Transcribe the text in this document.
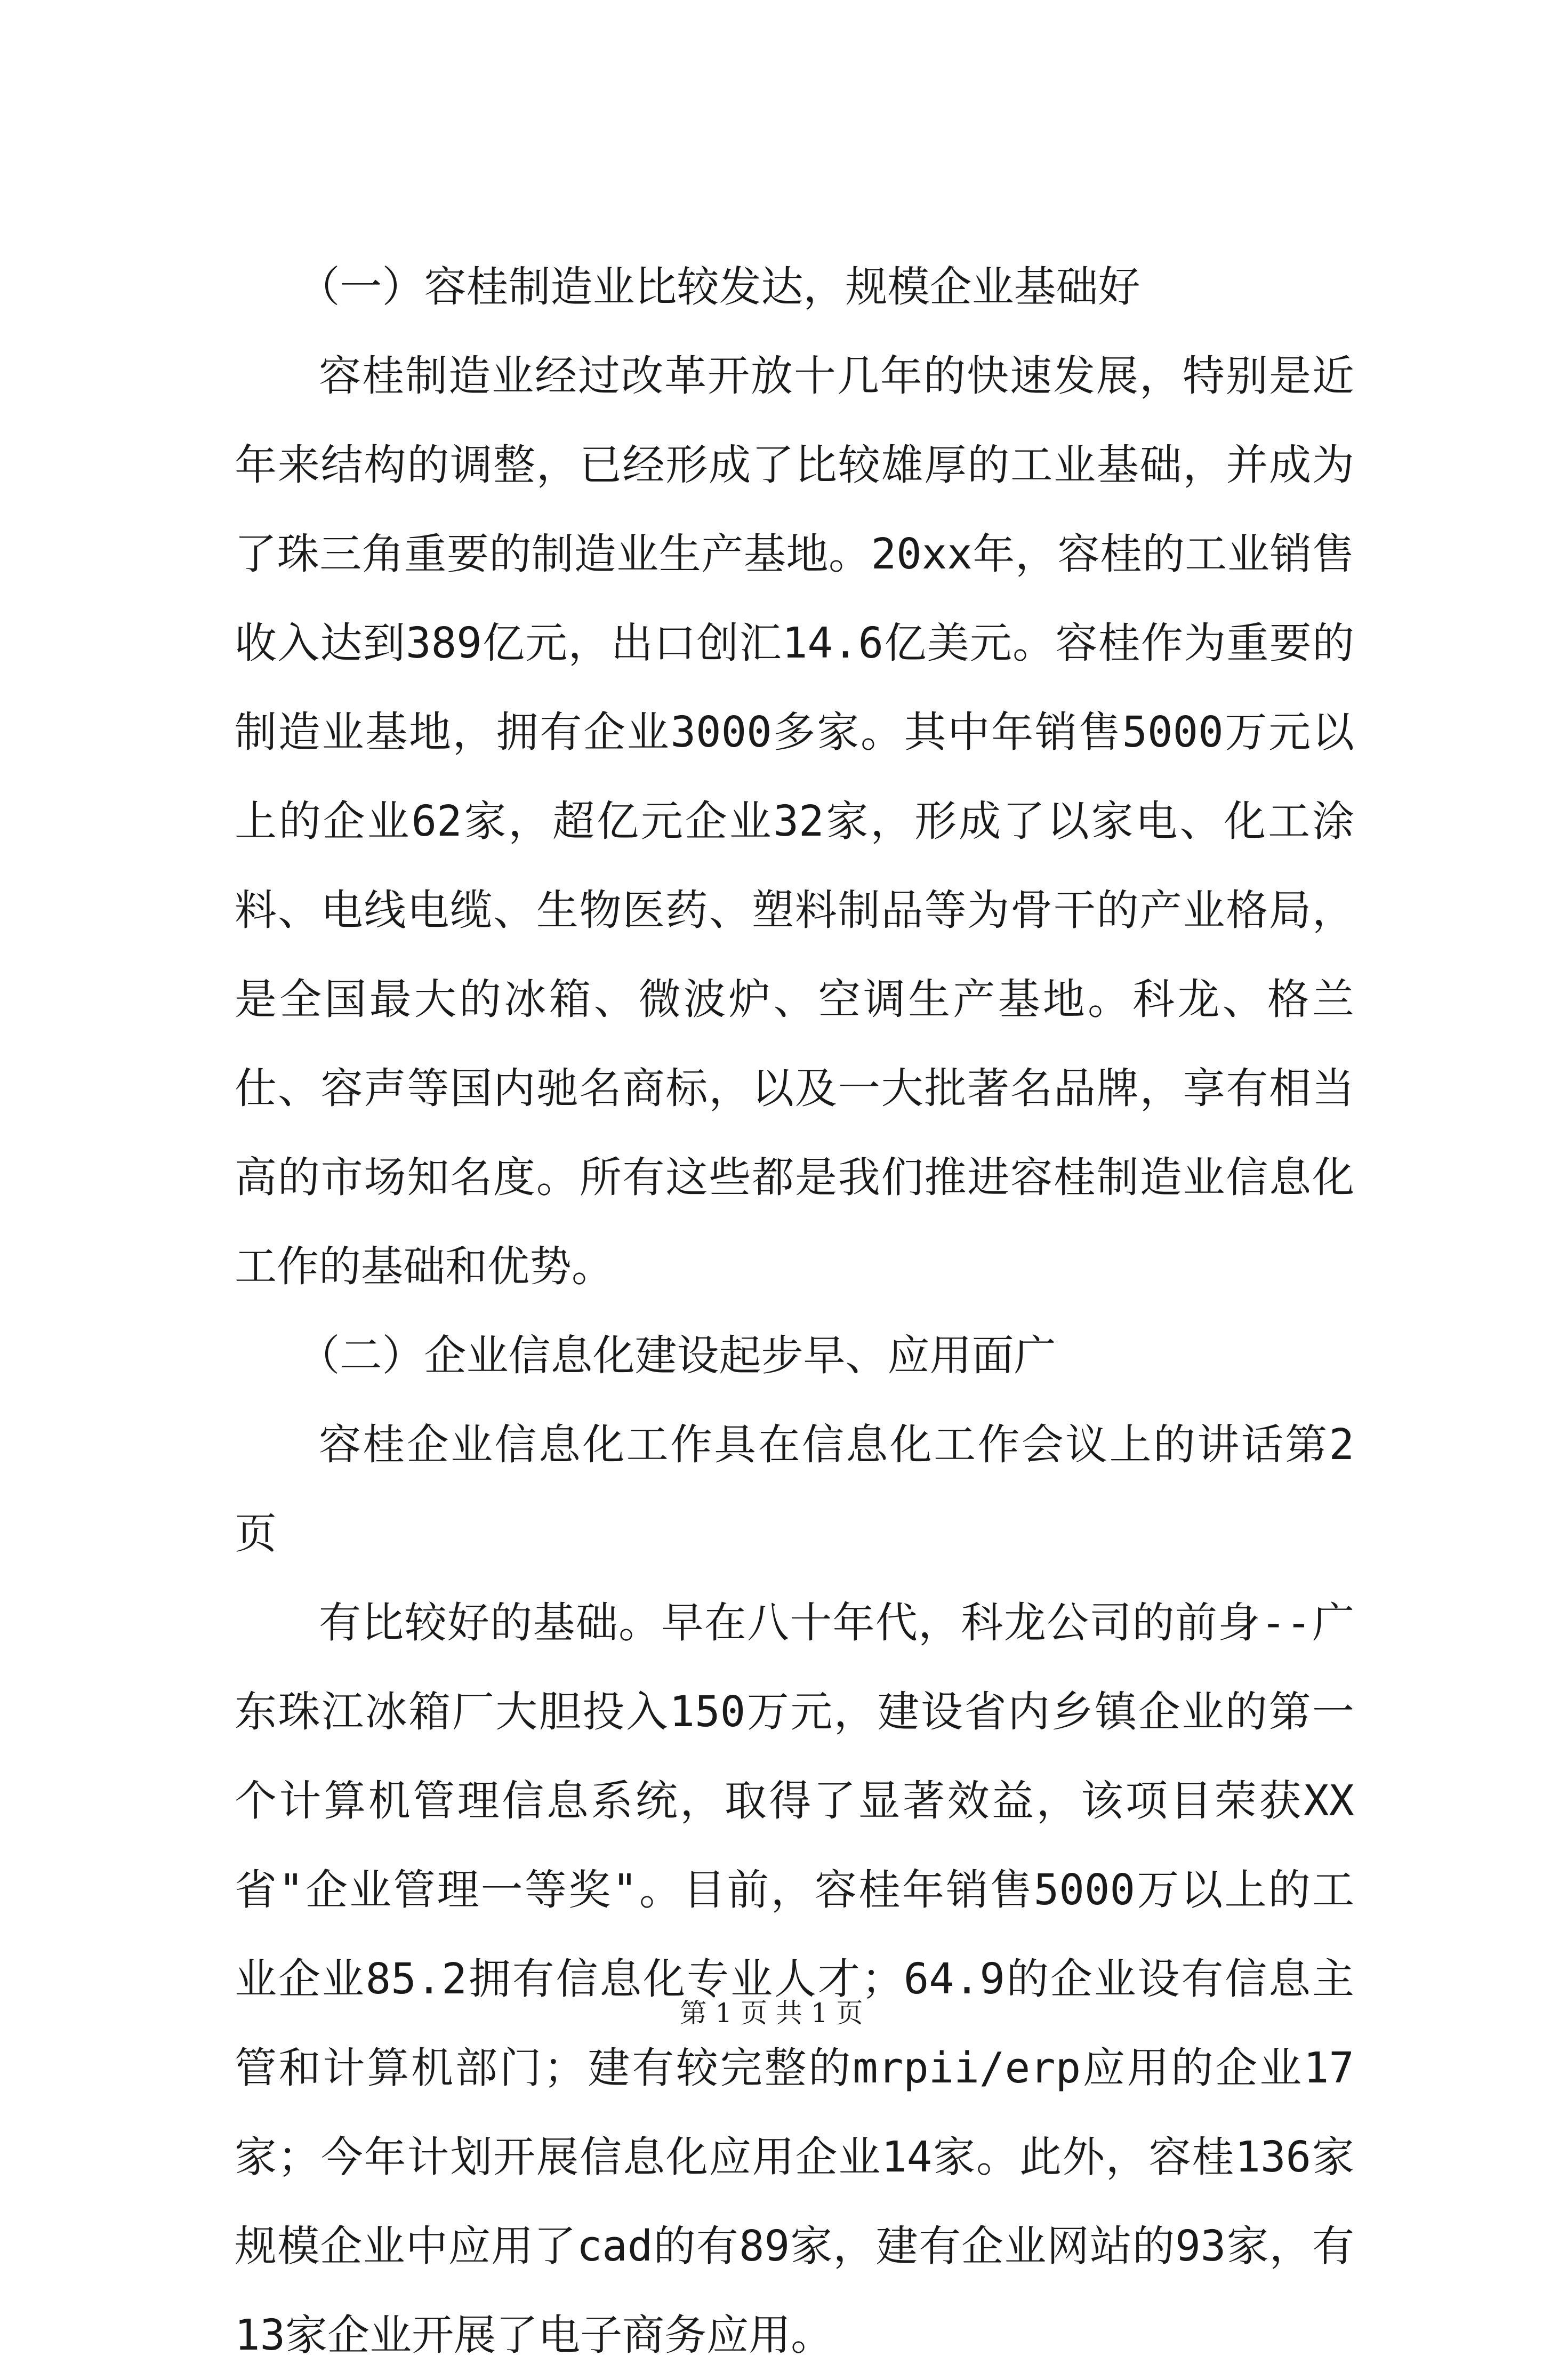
（一）容桂制造业比较发达，规模企业基础好

容桂制造业经过改革开放十几年的快速发展，特别是近年来结构的调整，已经形成了比较雄厚的工业基础，并成为了珠三角重要的制造业生产基地。20xx年，容桂的工业销售收入达到389亿元，出口创汇14.6亿美元。容桂作为重要的制造业基地，拥有企业3000多家。其中年销售5000万元以上的企业62家，超亿元企业32家，形成了以家电、化工涂料、电线电缆、生物医药、塑料制品等为骨干的产业格局，是全国最大的冰箱、微波炉、空调生产基地。科龙、格兰仕、容声等国内驰名商标，以及一大批著名品牌，享有相当高的市场知名度。所有这些都是我们推进容桂制造业信息化工作的基础和优势。

（二）企业信息化建设起步早、应用面广

容桂企业信息化工作具在信息化工作会议上的讲话第2页

有比较好的基础。早在八十年代，科龙公司的前身--广东珠江冰箱厂大胆投入150万元，建设省内乡镇企业的第一个计算机管理信息系统，取得了显著效益，该项目荣获XX省"企业管理一等奖"。目前，容桂年销售5000万以上的工业企业85.2拥有信息化专业人才；64.9的企业设有信息主管和计算机部门；建有较完整的mrpii/erp应用的企业17家；今年计划开展信息化应用企业14家。此外，容桂136家规模企业中应用了cad的有89家，建有企业网站的93家，有13家企业开展了电子商务应用。

第 1 页 共 1 页
